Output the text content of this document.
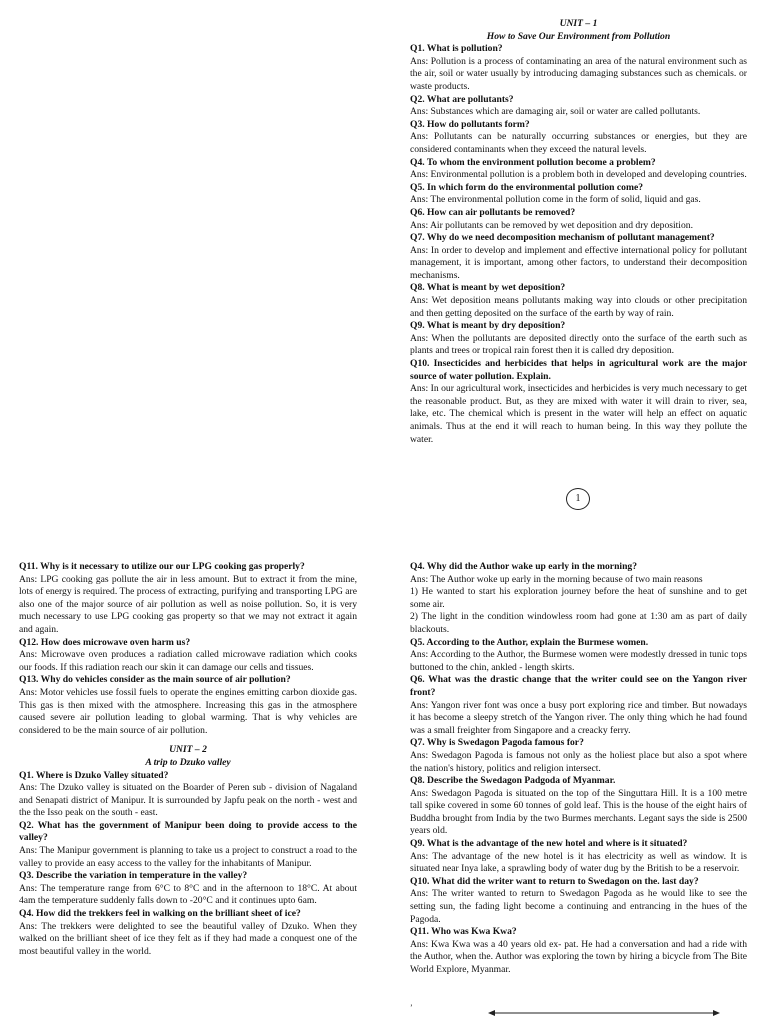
UNIT – 1

How to Save Our Environment from Pollution

Q1. What is pollution?

Ans: Pollution is a process of contaminating an area of the natural environment such as the air, soil or water usually by introducing damaging substances such as chemicals. or waste products.

Q2. What are pollutants?

Ans: Substances which are damaging air, soil or water are called pollutants.

Q3. How do pollutants form?

Ans: Pollutants can be naturally occurring substances or energies, but they are considered contaminants when they exceed the natural levels.

Q4. To whom the environment pollution become a problem?

Ans: Environmental pollution is a problem both in developed and developing countries.

Q5. In which form do the environmental pollution come?

Ans: The environmental pollution come in the form of solid, liquid and gas.

Q6. How can air pollutants be removed?

Ans: Air pollutants can be removed by wet deposition and dry deposition.

Q7. Why do we need decomposition mechanism of pollutant management?

Ans: In order to develop and implement and effective international policy for pollutant management, it is important, among other factors, to understand their decomposition mechanisms.

Q8. What is meant by wet deposition?

Ans: Wet deposition means pollutants making way into clouds or other precipitation and then getting deposited on the surface of the earth by way of rain.

Q9. What is meant by dry deposition?

Ans: When the pollutants are deposited directly onto the surface of the earth such as plants and trees or tropical rain forest then it is called dry deposition.

Q10. Insecticides and herbicides that helps in agricultural work are the major source of water pollution. Explain.

Ans: In our agricultural work, insecticides and herbicides is very much necessary to get the reasonable product. But, as they are mixed with water it will drain to river, sea, lake, etc. The chemical which is present in the water will help an effect on aquatic animals. Thus at the end it will reach to human being. In this way they pollute the water.

1

Q11. Why is it necessary to utilize our our LPG cooking gas properly?

Ans: LPG cooking gas pollute the air in less amount. But to extract it from the mine, lots of energy is required. The process of extracting, purifying and transporting LPG are also one of the major source of air pollution as well as noise pollution. So, it is very much necessary to use LPG cooking gas property so that we may not extract it again and again.

Q12. How does microwave oven harm us?

Ans: Microwave oven produces a radiation called microwave radiation which cooks our foods. If this radiation reach our skin it can damage our cells and tissues.

Q13. Why do vehicles consider as the main source of air pollution?

Ans: Motor vehicles use fossil fuels to operate the engines emitting carbon dioxide gas. This gas is then mixed with the atmosphere. Increasing this gas in the atmosphere caused severe air pollution leading to global warming. That is why vehicles are considered to be the main source of air pollution.

UNIT – 2

A trip to Dzuko valley

Q1. Where is Dzuko Valley situated?

Ans: The Dzuko valley is situated on the Boarder of Peren sub - division of Nagaland and Senapati district of Manipur. It is surrounded by Japfu peak on the north - west and the the Isso peak on the south - east.

Q2. What has the government of Manipur been doing to provide access to the valley?

Ans: The Manipur government is planning to take us a project to construct a road to the valley to provide an easy access to the valley for the inhabitants of Manipur.

Q3. Describe the variation in temperature in the valley?

Ans: The temperature range from 6°C to 8°C and in the afternoon to 18°C. At about 4am the temperature suddenly falls down to -20°C and it continues upto 6am.

Q4. How did the trekkers feel in walking on the brilliant sheet of ice?

Ans: The trekkers were delighted to see the beautiful valley of Dzuko. When they walked on the brilliant sheet of ice they felt as if they had made a conquest one of the most beautiful valley in the world.

Q4. Why did the Author wake up early in the morning?

Ans: The Author woke up early in the morning because of two main reasons

1) He wanted to start his exploration journey before the heat of sunshine and to get some air.

2) The light in the condition windowless room had gone at 1:30 am as part of daily blackouts.

Q5. According to the Author, explain the Burmese women.

Ans: According to the Author, the Burmese women were modestly dressed in tunic tops buttoned to the chin, ankled - length skirts.

Q6. What was the drastic change that the writer could see on the Yangon river front?

Ans: Yangon river font was once a busy port exploring rice and timber. But nowadays it has become a sleepy stretch of the Yangon river. The only thing which he had found was a small freighter from Singapore and a creacky ferry.

Q7. Why is Swedagon Pagoda famous for?

Ans: Swedagon Pagoda is famous not only as the holiest place but also a spot where the nation's history, politics and religion intersect.

Q8. Describe the Swedagon Padgoda of Myanmar.

Ans: Swedagon Pagoda is situated on the top of the Singuttara Hill. It is a 100 metre tall spike covered in some 60 tonnes of gold leaf. This is the house of the eight hairs of Buddha brought from India by the two Burmes merchants. Legant says the side is 2500 years old.

Q9. What is the advantage of the new hotel and where is it situated?

Ans: The advantage of the new hotel is it has electricity as well as window. It is situated near Inya lake, a sprawling body of water dug by the British to be a reservoir.

Q10. What did the writer want to return to Swedagon on the. last day?

Ans: The writer wanted to return to Swedagon Pagoda as he would like to see the setting sun, the fading light become a continuing and entrancing in the hues of the Pagoda.

Q11. Who was Kwa Kwa?

Ans: Kwa Kwa was a 40 years old ex- pat. He had a conversation and had a ride with the Author, when the. Author was exploring the town by hiring a bicycle from The Bite World Explore, Myanmar.

’
